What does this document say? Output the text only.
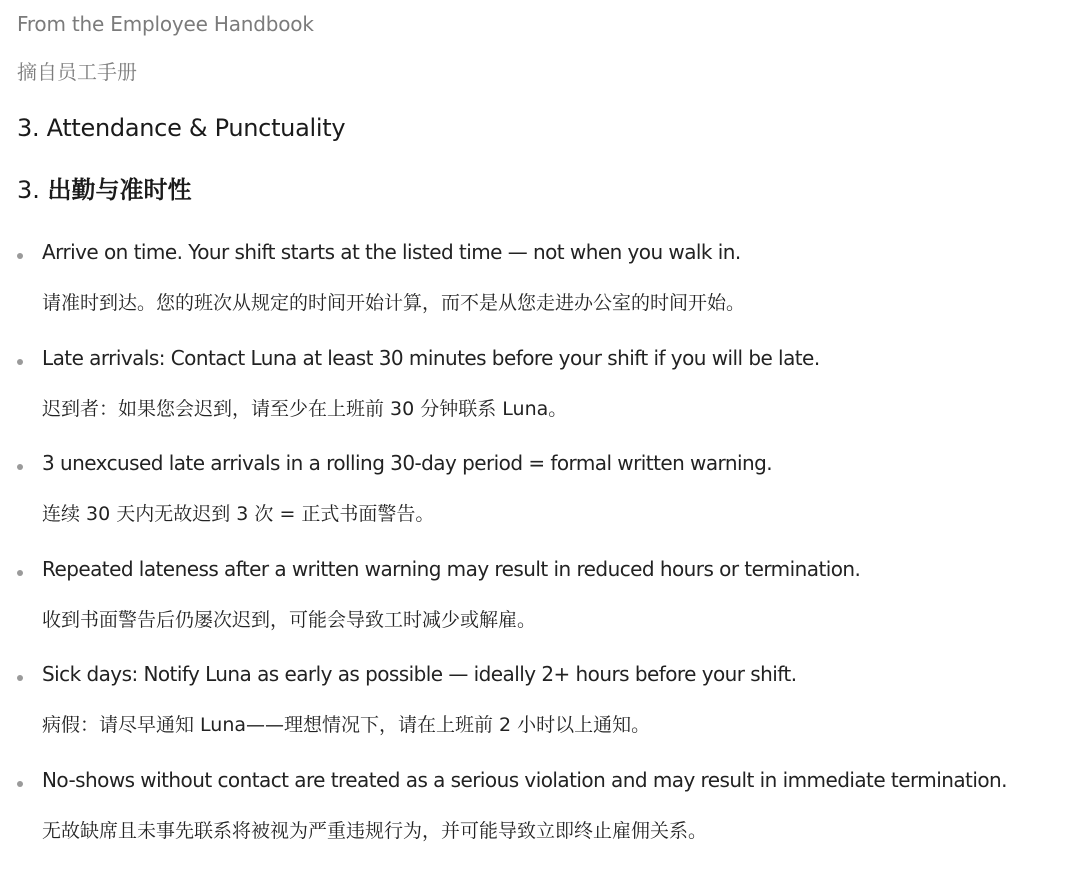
From the Employee Handbook
摘自员工手册
3. Attendance & Punctuality
3. 出勤与准时性
Arrive on time. Your shift starts at the listed time — not when you walk in.
请准时到达。您的班次从规定的时间开始计算，而不是从您走进办公室的时间开始。
Late arrivals: Contact Luna at least 30 minutes before your shift if you will be late.
迟到者：如果您会迟到，请至少在上班前 30 分钟联系 Luna。
3 unexcused late arrivals in a rolling 30-day period = formal written warning.
连续 30 天内无故迟到 3 次 = 正式书面警告。
Repeated lateness after a written warning may result in reduced hours or termination.
收到书面警告后仍屡次迟到，可能会导致工时减少或解雇。
Sick days: Notify Luna as early as possible — ideally 2+ hours before your shift.
病假：请尽早通知 Luna——理想情况下，请在上班前 2 小时以上通知。
No-shows without contact are treated as a serious violation and may result in immediate termination.
无故缺席且未事先联系将被视为严重违规行为，并可能导致立即终止雇佣关系。
